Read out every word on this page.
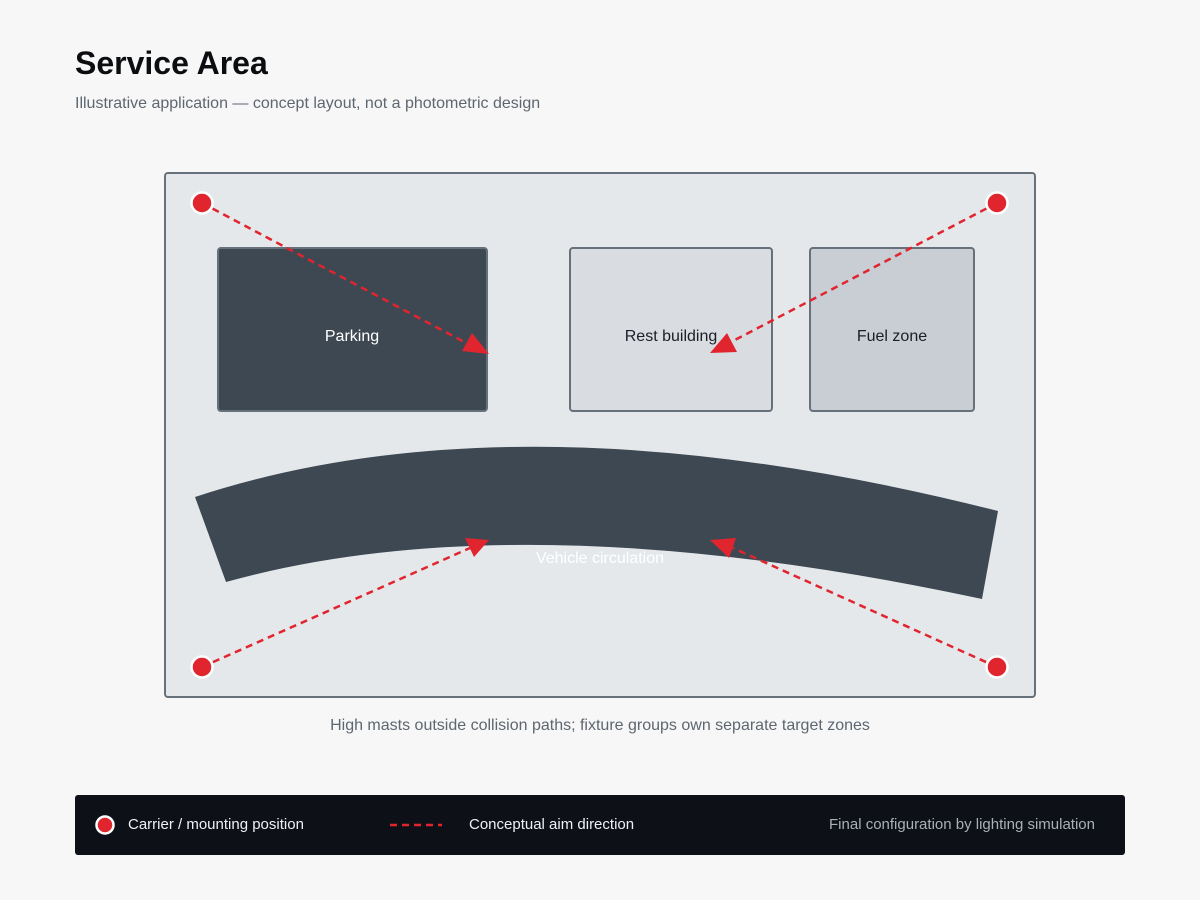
Service Area

Illustrative application — concept layout, not a photometric design

Parking	Rest building	Fuel zone
Vehicle circulation
High masts outside collision paths; fixture groups own separate target zones
Carrier / mounting position	Conceptual aim direction	Final configuration by lighting simulation
